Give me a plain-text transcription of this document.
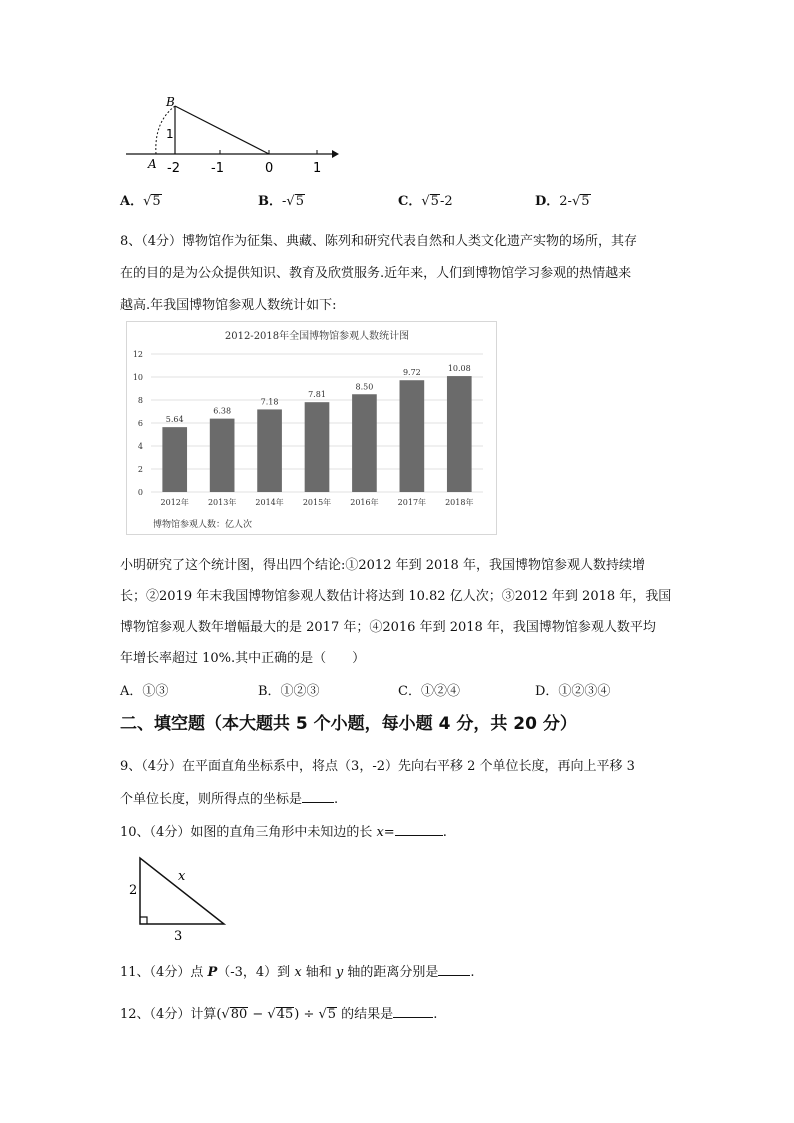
B
A
1
-2 -1	0	1
A．√5	B．-√5	C．√5-2	D．2-√5
8、（4分）博物馆作为征集、典藏、陈列和研究代表自然和人类文化遗产实物的场所，其存
在的目的是为公众提供知识、教育及欣赏服务.近年来，人们到博物馆学习参观的热情越来
越高.年我国博物馆参观人数统计如下:
2012-2018年全国博物馆参观人数统计图
0
2
4
6
8
10
12
5.64
2012年
6.38
2013年
7.18
2014年
7.81
2015年
8.50
2016年
9.72
2017年
10.08
2018年
博物馆参观人数：亿人次
小明研究了这个统计图，得出四个结论:①2012 年到 2018 年，我国博物馆参观人数持续增
长；②2019 年末我国博物馆参观人数估计将达到 10.82 亿人次；③2012 年到 2018 年，我国
博物馆参观人数年增幅最大的是 2017 年；④2016 年到 2018 年，我国博物馆参观人数平均
年增长率超过 10%.其中正确的是（　　）
A．①③	B．①②③	C．①②④	D．①②③④
二、填空题（本大题共 5 个小题，每小题 4 分，共 20 分）
9、（4分）在平面直角坐标系中，将点（3，-2）先向右平移 2 个单位长度，再向上平移 3
个单位长度，则所得点的坐标是 .
10、（4分）如图的直角三角形中未知边的长 x=	.
x
2
3
11、（4分）点 P（-3，4）到 x 轴和 y 轴的距离分别是 .
12、（4分）计算(√80 − √45) ÷ √5 的结果是	.
